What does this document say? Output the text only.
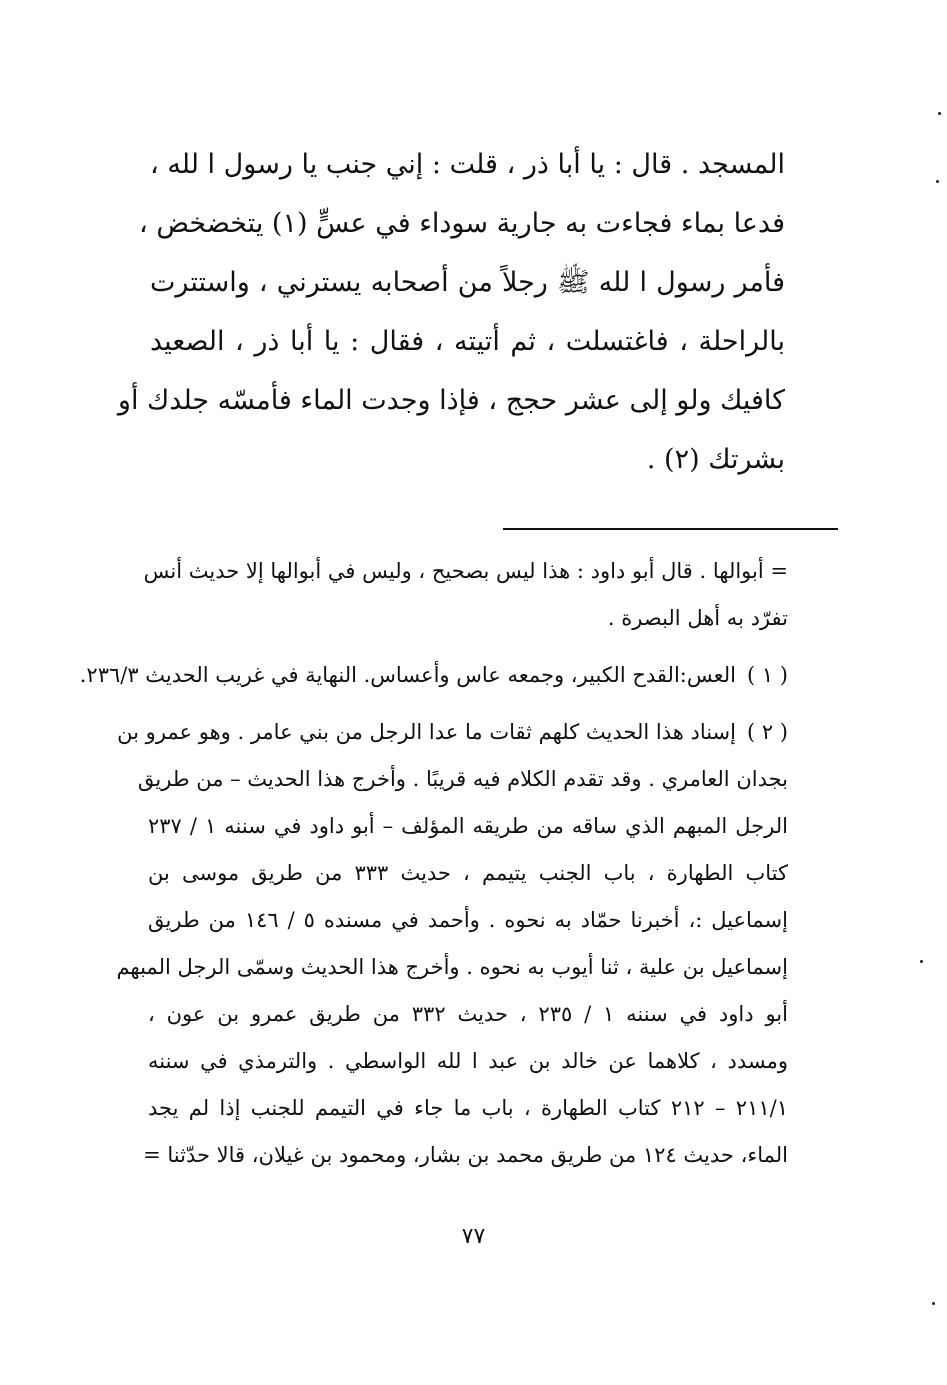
المسجد . قال : يا أبا ذر ، قلت : إني جنب يا رسول ا لله ،
فدعا بماء فجاءت به جارية سوداء في عسٍّ (١) يتخضخض ،
فأمر رسول ا لله ﷺ رجلاً من أصحابه يسترني ، واستترت
بالراحلة ، فاغتسلت ، ثم أتيته ، فقال : يا أبا ذر ، الصعيد
كافيك ولو إلى عشر حجج ، فإذا وجدت الماء فأمسّه جلدك أو
بشرتك (٢) .
= أبوالها . قال أبو داود : هذا ليس بصحيح ، وليس في أبوالها إلا حديث أنس
تفرّد به أهل البصرة .
( ١ )
العس:القدح الكبير، وجمعه عاس وأعساس. النهاية في غريب الحديث ٢٣٦/٣.
( ٢ )
إسناد هذا الحديث كلهم ثقات ما عدا الرجل من بني عامر . وهو عمرو بن
بجدان العامري . وقد تقدم الكلام فيه قريبًا . وأخرج هذا الحديث – من طريق
الرجل المبهم الذي ساقه من طريقه المؤلف – أبو داود في سننه ١ / ٢٣٧
كتاب الطهارة ، باب الجنب يتيمم ، حديث ٣٣٣ من طريق موسى بن
إسماعيل :، أخبرنا حمّاد به نحوه . وأحمد في مسنده ٥ / ١٤٦ من طريق
إسماعيل بن علية ، ثنا أيوب به نحوه . وأخرج هذا الحديث وسمّى الرجل المبهم
أبو داود في سننه ١ / ٢٣٥ ، حديث ٣٣٢ من طريق عمرو بن عون ،
ومسدد ، كلاهما عن خالد بن عبد ا لله الواسطي . والترمذي في سننه
٢١١/١ – ٢١٢ كتاب الطهارة ، باب ما جاء في التيمم للجنب إذا لم يجد
الماء، حديث ١٢٤ من طريق محمد بن بشار، ومحمود بن غيلان، قالا حدّثنا =
٧٧
